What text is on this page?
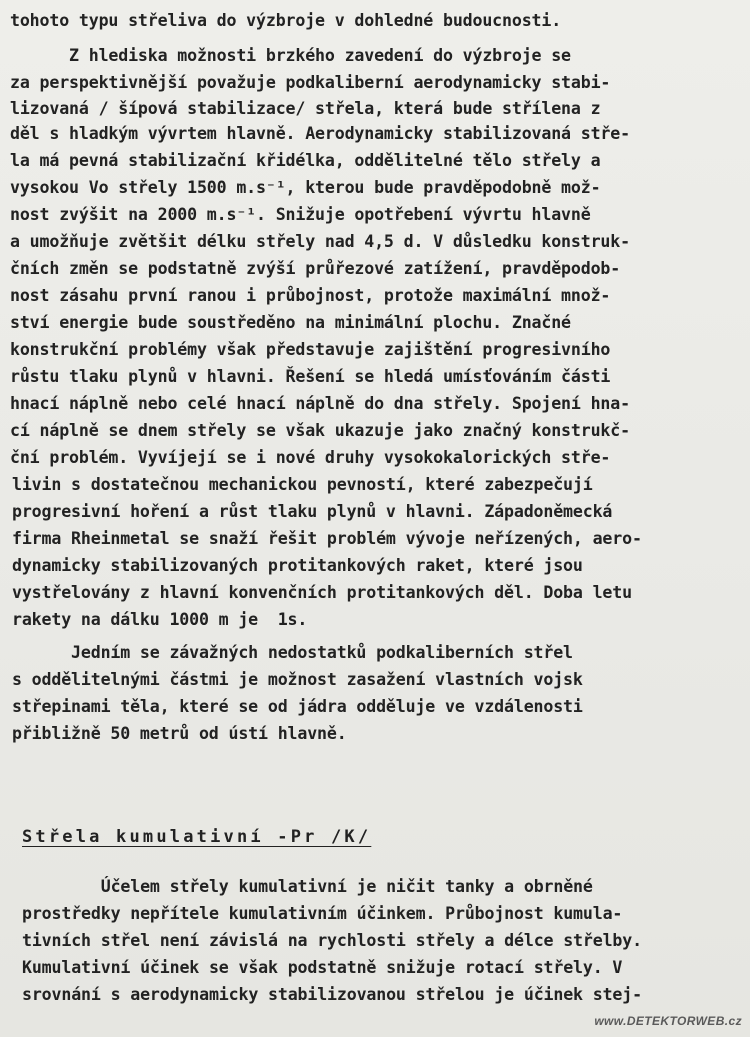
tohoto typu střeliva do výzbroje v dohledné budoucnosti.
Z hlediska možnosti brzkého zavedení do výzbroje se
za perspektivnější považuje podkaliberní aerodynamicky stabi-
lizovaná / šípová stabilizace/ střela, která bude střílena z
děl s hladkým vývrtem hlavně. Aerodynamicky stabilizovaná stře-
la má pevná stabilizační křidélka, oddělitelné tělo střely a
vysokou Vo střely 1500 m.s⁻¹, kterou bude pravděpodobně mož-
nost zvýšit na 2000 m.s⁻¹. Snižuje opotřebení vývrtu hlavně
a umožňuje zvětšit délku střely nad 4,5 d. V důsledku konstruk-
čních změn se podstatně zvýší průřezové zatížení, pravděpodob-
nost zásahu první ranou i průbojnost, protože maximální množ-
ství energie bude soustředěno na minimální plochu. Značné
konstrukční problémy však představuje zajištění progresivního
růstu tlaku plynů v hlavni. Řešení se hledá umísťováním části
hnací náplně nebo celé hnací náplně do dna střely. Spojení hna-
cí náplně se dnem střely se však ukazuje jako značný konstrukč-
ční problém. Vyvíjejí se i nové druhy vysokokalorických stře-
livin s dostatečnou mechanickou pevností, které zabezpečují
progresivní hoření a růst tlaku plynů v hlavni. Západoněmecká
firma Rheinmetal se snaží řešit problém vývoje neřízených, aero-
dynamicky stabilizovaných protitankových raket, které jsou
vystřelovány z hlavní konvenčních protitankových děl. Doba letu
rakety na dálku 1000 m je  1s.
Jedním se závažných nedostatků podkaliberních střel
s oddělitelnými částmi je možnost zasažení vlastních vojsk
střepinami těla, které se od jádra odděluje ve vzdálenosti
přibližně 50 metrů od ústí hlavně.
Střela kumulativní -Pr /K/
Účelem střely kumulativní je ničit tanky a obrněné
prostředky nepřítele kumulativním účinkem. Průbojnost kumula-
tivních střel není závislá na rychlosti střely a délce střelby.
Kumulativní účinek se však podstatně snižuje rotací střely. V
srovnání s aerodynamicky stabilizovanou střelou je účinek stej-
www.DETEKTORWEB.cz
